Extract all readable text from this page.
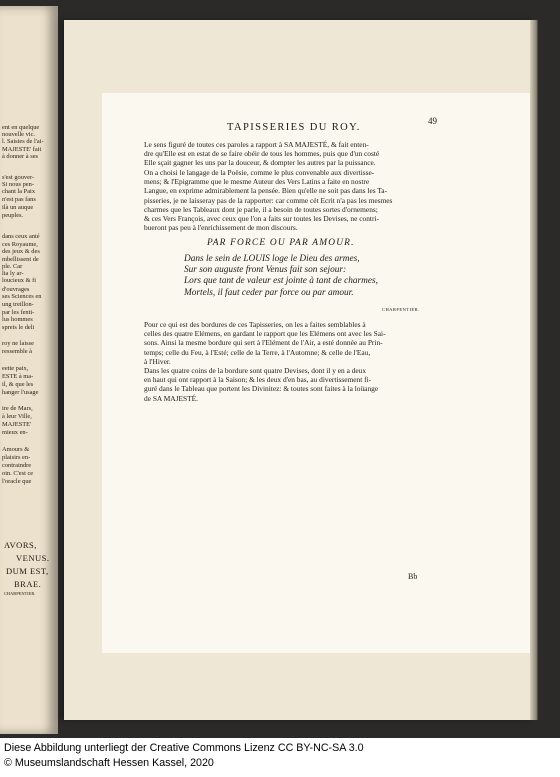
ent en quelque
nouvelle vic.
l. Saisies de l'ai-
MAJESTE' fait
à donner à ses
s'est gouver-
Si nous pen-
chant la Paix
n'est pas fans
ilà un auque
peuples.
dans ceux anté
ces Royaume,
des jeux & des
mbellissent de
ple. Car
lia ly ar-
loucieux & fi
d'ouvrages
ses Sciences en
ung treillon-
par les fenti-
lus hommes
spreis le deli
roy ne laisse
ressemble à
eette paix,
ESTE à ma-
il, & que les
hanger l'usage
ire de Mars,
à leur Ville,
MAJESTE'
mieux en-
Amours &
plaisirs en-
contraindre
oin. C'est ce
l'oracle que
AVORS,
VENUS.
DUM EST,
BRAE.
CHARPENTIER.
TAPISSERIES DU ROY.
49
Le sens figuré de toutes ces paroles a rapport à SA MAJESTÉ, & fait enten-
dre qu'Elle est en estat de se faire obéir de tous les hommes, puis que d'un costé
Elle sçait gagner les uns par la douceur, & dompter les autres par la puissance.
On a choisi le langage de la Poësie, comme le plus convenable aux divertisse-
mens; & l'Epigramme que le mesme Auteur des Vers Latins a faite en nostre
Langue, en exprime admirablement la pensée. Bien qu'elle ne soit pas dans les Ta-
pisseries, je ne laisseray pas de la rapporter: car comme cét Ecrit n'a pas les mesmes
charmes que les Tableaux dont je parle, il a besoin de toutes sortes d'ornemens;
& ces Vers François, avec ceux que l'on a faits sur toutes les Devises, ne contri-
bueront pas peu à l'enrichissement de mon discours.
PAR FORCE OU PAR AMOUR.
Dans le sein de LOUIS loge le Dieu des armes,
Sur son auguste front Venus fait son sejour:
Lors que tant de valeur est jointe à tant de charmes,
Mortels, il faut ceder par force ou par amour.
CHARPENTIER.
Pour ce qui est des bordures de ces Tapisseries, on les a faites semblables à
celles des quatre Elémens, en gardant le rapport que les Elémens ont avec les Sai-
sons. Ainsi la mesme bordure qui sert à l'Elément de l'Air, a esté donnée au Prin-
temps; celle du Feu, à l'Esté; celle de la Terre, à l'Automne; & celle de l'Eau,
à l'Hiver.
Dans les quatre coins de la bordure sont quatre Devises, dont il y en a deux
en haut qui ont rapport à la Saison; & les deux d'en bas, au divertissement fi-
guré dans le Tableau que portent les Divinitez: & toutes sont faites à la loüange
de SA MAJESTÉ.
Bb
Diese Abbildung unterliegt der Creative Commons Lizenz CC BY-NC-SA 3.0
© Museumslandschaft Hessen Kassel, 2020
